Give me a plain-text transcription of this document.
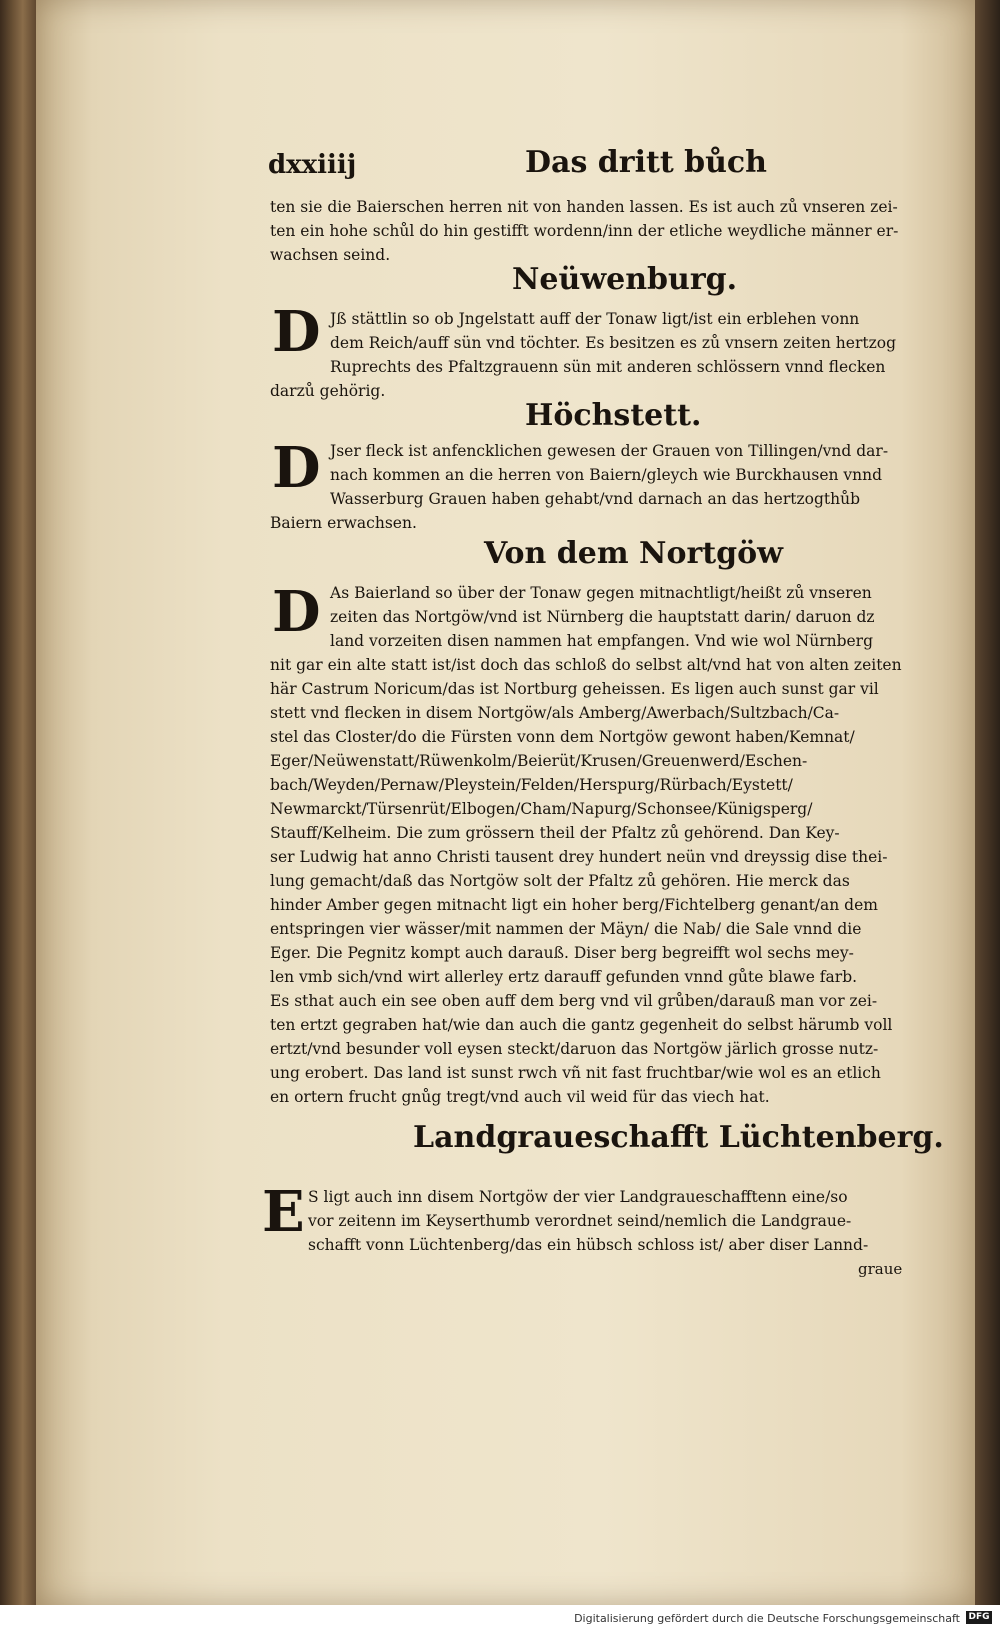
dxxiiij	Das dritt bůch
ten sie die Baierschen herren nit von handen lassen. Es ist auch zů vnseren zei-
ten ein hohe schůl do hin gestifft wordenn/inn der etliche weydliche männer er-
wachsen seind.
Neüwenburg.
D Jß stättlin so ob Jngelstatt auff der Tonaw ligt/ist ein erblehen vonn
dem Reich/auff sün vnd töchter. Es besitzen es zů vnsern zeiten hertzog
Ruprechts des Pfaltzgrauenn sün mit anderen schlössern vnnd flecken
darzů gehörig.
Höchstett.
D Jser fleck ist anfencklichen gewesen der Grauen von Tillingen/vnd dar-
nach kommen an die herren von Baiern/gleych wie Burckhausen vnnd
Wasserburg Grauen haben gehabt/vnd darnach an das hertzogthůb
Baiern erwachsen.
Von dem Nortgöw
D As Baierland so über der Tonaw gegen mitnachtligt/heißt zů vnseren
zeiten das Nortgöw/vnd ist Nürnberg die hauptstatt darin/ daruon dz
land vorzeiten disen nammen hat empfangen. Vnd wie wol Nürnberg
nit gar ein alte statt ist/ist doch das schloß do selbst alt/vnd hat von alten zeiten
här Castrum Noricum/das ist Nortburg geheissen. Es ligen auch sunst gar vil
stett vnd flecken in disem Nortgöw/als Amberg/Awerbach/Sultzbach/Ca-
stel das Closter/do die Fürsten vonn dem Nortgöw gewont haben/Kemnat/
Eger/Neüwenstatt/Rüwenkolm/Beierüt/Krusen/Greuenwerd/Eschen-
bach/Weyden/Pernaw/Pleystein/Felden/Herspurg/Rürbach/Eystett/
Newmarckt/Türsenrüt/Elbogen/Cham/Napurg/Schonsee/Künigsperg/
Stauff/Kelheim. Die zum grössern theil der Pfaltz zů gehörend. Dan Key-
ser Ludwig hat anno Christi tausent drey hundert neün vnd dreyssig dise thei-
lung gemacht/daß das Nortgöw solt der Pfaltz zů gehören. Hie merck das
hinder Amber gegen mitnacht ligt ein hoher berg/Fichtelberg genant/an dem
entspringen vier wässer/mit nammen der Mäyn/ die Nab/ die Sale vnnd die
Eger. Die Pegnitz kompt auch darauß. Diser berg begreifft wol sechs mey-
len vmb sich/vnd wirt allerley ertz darauff gefunden vnnd gůte blawe farb.
Es sthat auch ein see oben auff dem berg vnd vil grůben/darauß man vor zei-
ten ertzt gegraben hat/wie dan auch die gantz gegenheit do selbst härumb voll
ertzt/vnd besunder voll eysen steckt/daruon das Nortgöw järlich grosse nutz-
ung erobert. Das land ist sunst rwch vñ nit fast fruchtbar/wie wol es an etlich
en ortern frucht gnůg tregt/vnd auch vil weid für das viech hat.
Landgraueschafft Lüchtenberg.
E S ligt auch inn disem Nortgöw der vier Landgraueschafftenn eine/so
vor zeitenn im Keyserthumb verordnet seind/nemlich die Landgraue-
schafft vonn Lüchtenberg/das ein hübsch schloss ist/ aber diser Lannd-
graue
Digitalisierung gefördert durch die Deutsche Forschungsgemeinschaft DFG
